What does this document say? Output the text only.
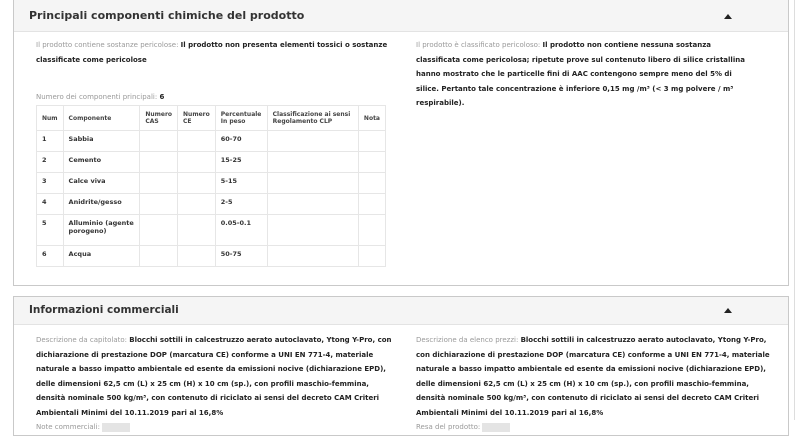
Principali componenti chimiche del prodotto
Il prodotto contiene sostanze pericolose: Il prodotto non presenta elementi tossici o sostanze classificate come pericolose
Il prodotto è classificato pericoloso: Il prodotto non contiene nessuna sostanza classificata come pericolosa; ripetute prove sul contenuto libero di silice cristallina hanno mostrato che le particelle fini di AAC contengono sempre meno del 5% di silice. Pertanto tale concentrazione è inferiore 0,15 mg /m³ (< 3 mg polvere / m³ respirabile).
Numero dei componenti principali: 6
Num	Componente	Numero CAS	Numero CE	Percentuale In peso	Classificazione ai sensi Regolamento CLP	Nota
1	Sabbia			60-70		
2	Cemento			15-25		
3	Calce viva			5-15		
4	Anidrite/gesso			2-5		
5	Alluminio (agente porogeno)			0.05-0.1		
6	Acqua			50-75		
Informazioni commerciali
Descrizione da capitolato: Blocchi sottili in calcestruzzo aerato autoclavato, Ytong Y-Pro, con dichiarazione di prestazione DOP (marcatura CE) conforme a UNI EN 771-4, materiale naturale a basso impatto ambientale ed esente da emissioni nocive (dichiarazione EPD), delle dimensioni 62,5 cm (L) x 25 cm (H) x 10 cm (sp.), con profili maschio-femmina, densità nominale 500 kg/m³, con contenuto di riciclato ai sensi del decreto CAM Criteri Ambientali Minimi del 10.11.2019 pari al 16,8%
Note commerciali:
Descrizione da elenco prezzi: Blocchi sottili in calcestruzzo aerato autoclavato, Ytong Y-Pro, con dichiarazione di prestazione DOP (marcatura CE) conforme a UNI EN 771-4, materiale naturale a basso impatto ambientale ed esente da emissioni nocive (dichiarazione EPD), delle dimensioni 62,5 cm (L) x 25 cm (H) x 10 cm (sp.), con profili maschio-femmina, densità nominale 500 kg/m³, con contenuto di riciclato ai sensi del decreto CAM Criteri Ambientali Minimi del 10.11.2019 pari al 16,8%
Resa del prodotto:
